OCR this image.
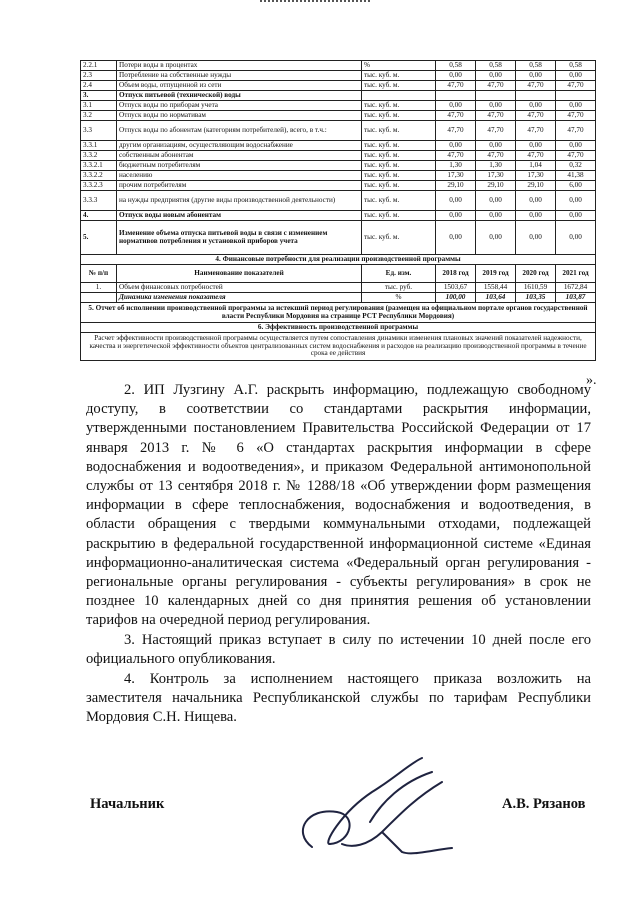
2.2.1	Потери воды в процентах	%	0,58	0,58	0,58	0,58
2.3	Потребление на собственные нужды	тыс. куб. м.	0,00	0,00	0,00	0,00
2.4	Объем воды, отпущенной из сети	тыс. куб. м.	47,70	47,70	47,70	47,70
3.	Отпуск питьевой (технической) воды					
3.1	Отпуск воды по приборам учета	тыс. куб. м.	0,00	0,00	0,00	0,00
3.2	Отпуск воды по нормативам	тыс. куб. м.	47,70	47,70	47,70	47,70
3.3	Отпуск воды по абонентам (категориям потребителей), всего, в т.ч.:	тыс. куб. м.	47,70	47,70	47,70	47,70
3.3.1	другим организациям, осуществляющим водоснабжение	тыс. куб. м.	0,00	0,00	0,00	0,00
3.3.2	собственным абонентам	тыс. куб. м.	47,70	47,70	47,70	47,70
3.3.2.1	бюджетным потребителям	тыс. куб. м.	1,30	1,30	1,04	0,32
3.3.2.2	населению	тыс. куб. м.	17,30	17,30	17,30	41,38
3.3.2.3	прочим потребителям	тыс. куб. м.	29,10	29,10	29,10	6,00
3.3.3	на нужды предприятия (другие виды производственной деятельности)	тыс. куб. м.	0,00	0,00	0,00	0,00
4.	Отпуск воды новым абонентам	тыс. куб. м.	0,00	0,00	0,00	0,00
5.	Изменение объема отпуска питьевой воды в связи с изменением нормативов потребления и установкой приборов учета	тыс. куб. м.	0,00	0,00	0,00	0,00
4. Финансовые потребности для реализации производственной программы						
№ п/п	Наименование показателей	Ед. изм.	2018 год	2019 год	2020 год	2021 год
1.	Объем финансовых потребностей	тыс. руб.	1503,67	1558,44	1610,59	1672,84
	Динамика изменения показателя	%	100,00	103,64	103,35	103,87
5. Отчет об исполнении производственной программы за истекший период регулирования (размещен на официальном портале органов государственной власти Республики Мордовия на странице РСТ Республики Мордовия)						
6. Эффективность производственной программы						
Расчет эффективности производственной программы осуществляется путем сопоставления динамики изменения плановых значений показателей надежности, качества и энергетической эффективности объектов централизованных систем водоснабжения и расходов на реализацию производственной программы в течение срока ее действия						
».

2. ИП Лузгину А.Г. раскрыть информацию, подлежащую свободному доступу, в соответствии со стандартами раскрытия информации, утвержденными постановлением Правительства Российской Федерации от 17 января 2013 г. № 6 «О стандартах раскрытия информации в сфере водоснабжения и водоотведения», и приказом Федеральной антимонопольной службы от 13 сентября 2018 г. № 1288/18 «Об утверждении форм размещения информации в сфере теплоснабжения, водоснабжения и водоотведения, в области обращения с твердыми коммунальными отходами, подлежащей раскрытию в федеральной государственной информационной системе «Единая информационно-аналитическая система «Федеральный орган регулирования - региональные органы регулирования - субъекты регулирования» в срок не позднее 10 календарных дней со дня принятия решения об установлении тарифов на очередной период регулирования.

3. Настоящий приказ вступает в силу по истечении 10 дней после его официального опубликования.

4. Контроль за исполнением настоящего приказа возложить на заместителя начальника Республиканской службы по тарифам Республики Мордовия С.Н. Нищева.

Начальник	А.В. Рязанов
